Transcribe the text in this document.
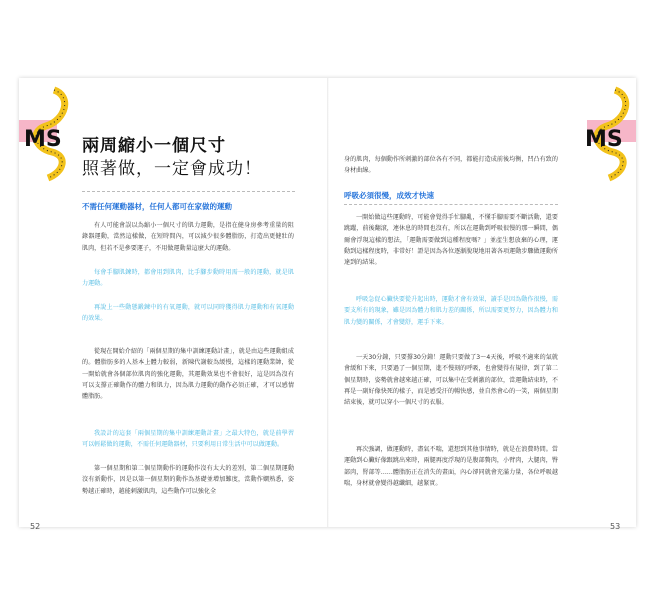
MS 兩周縮小一個尺寸
照著做，一定會成功！
不需任何運動器材，任何人都可在家做的運動
有人可能會誤以為縮小一個尺寸的肌力運動，是指在健身房參考重量的阻錄器運動，當然這樣做，在短時間內，可以減少很多體脂肪，打造出更健壯的肌肉，但若不是參要運子，不用做運動量這麼大的運動。
每會手腳肌鍊時，都會用到肌肉，比手腳步動時用需一般的運動，就是肌力運動。
再說上一些動態鍛鍊中的有氧運動，就可以同時獲得肌力運動和有氧運動的效果。
從現在開始介紹的「兩個星期的集中訓練運動計畫」，就是由這些運動組成的。體脂肪多的人基本上體力較弱，新陳代謝較為緩慢，這樣的運動業帥，從一開始就會各個部位肌肉的強化運動，其運動效果也不會很好，這是因為沒有可以支撐正確動作的體力和肌力，因為肌力運動的動作必須正確，才可以感情體脂肪。
我設計的這套「兩個星期的集中訓練運動計畫」之最大特色，就是前學習可以輕鬆做的運動，不需任何運動器材，只要利用日常生活中可以做運動。
第一個星期和第二個星期動作的運動作沒有太大的差別，第二個星期運動沒有新動作，因是以第一個星期的動作為基礎並增加難度，當動作嫻熟悉，姿勢越正確時，越能刺激肌肉，這些動作可以強化全
52
MS
身的肌肉，每個動作所刺激的部位各有不同，都能打造成前後均衡，凹凸有致的身材曲線。
呼吸必須很慢，成效才快速
一開始做這些運動時，可能會覺得手忙腳亂，不懂手腳需要不斷活動，還要跳躍，前後翻滾，連休息的時間也沒有，所以在運動到呼吸很慢的那一瞬間，偶爾會浮現這樣的想法，「運動需要做到這種程度嗎？」並產生想放棄的心理，運動到這樣程度時，非常好！證是因為各位逐漸脫現地用著各項運動步驟做運動所達到的結果。
呼吸急促心臟快要從升起出時，運動才會有效果，讀手是因為動作很慢，需要支所有的現象，雖是因為體力和肌力差的關係，所以需要更努力，因為體力和肌力變的關係，才會變舒，運手下來。
一天30分鐘，只要撐30分鐘！運動只要做了3～4天後，呼吸不適來的氣就會緩和下來，只要過了一個星期，進不慢刻的呼吸，也會變得有規律，到了第二個星期時，姿勢就會越來越正確，可以集中在受刺激的部位，當運動結束時，不再是一副好像快死的樣子，而是感受汗的暢快感，並自然會心的一笑，兩個星期結束後，就可以穿小一個尺寸的衣服。
再次強調，做運動時，盡氣不喘，還想到其他事情時，就是在浪費時間。當運動到心臟好像跟跳出來時，兩腿再度浮現的是腹部贅肉，小臂肉，大腿肉，臀部肉，腎部等……體脂肪正在消失的畫面，內心卻同就會充滿力量，各位呼吸越喘，身材就會變得越纖細，越緊實。
53
